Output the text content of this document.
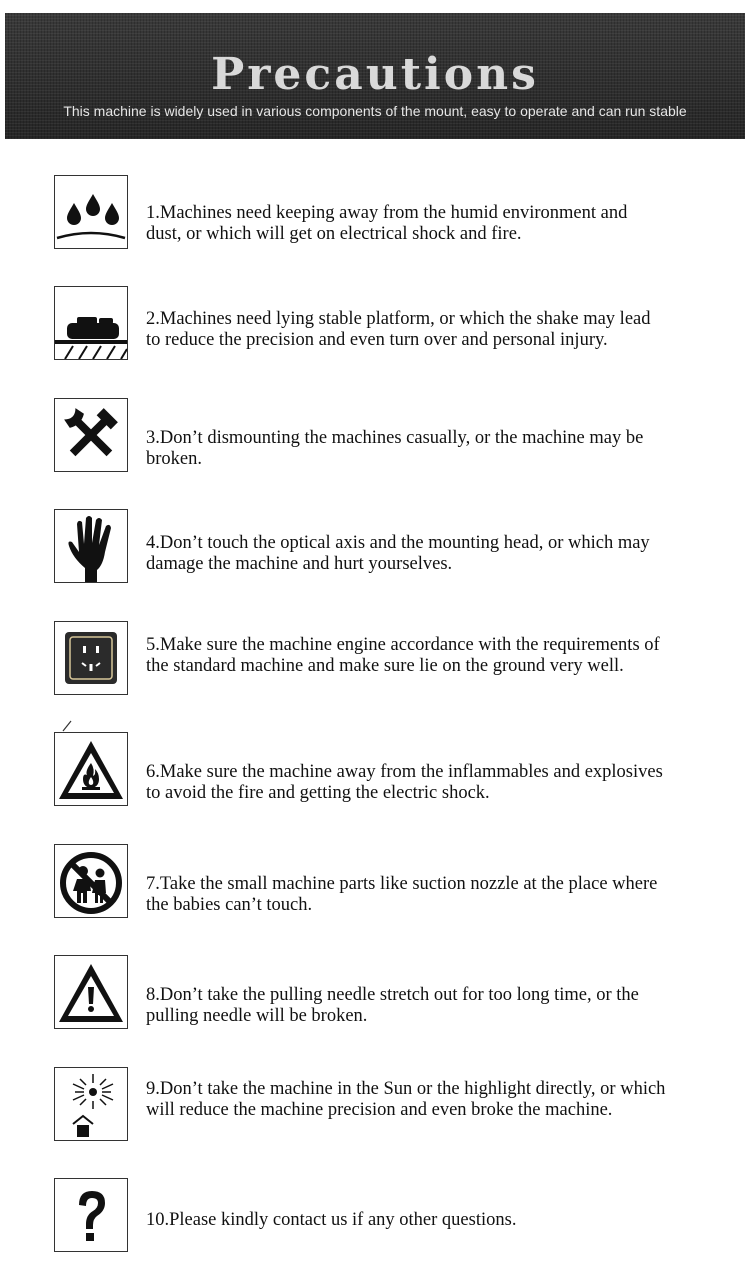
Precautions
This machine is widely used in various components of the mount, easy to operate and can run stable
1.Machines need keeping away from the humid environment and dust, or which will get on electrical shock and fire.
2.Machines need lying stable platform, or which the shake may lead to reduce the precision and even turn over and personal injury.
3.Don’t dismounting the machines casually, or the machine may be broken.
4.Don’t touch the optical axis and the mounting head, or which may damage the machine and hurt yourselves.
5.Make sure the machine engine accordance with the requirements of the standard machine and make sure lie on the ground very well.
6.Make sure the machine away from the inflammables and explosives to avoid the fire and getting the electric shock.
7.Take the small machine parts like suction nozzle at the place where the babies can’t touch.
8.Don’t take the pulling needle stretch out for too long time, or the pulling needle will be broken.
9.Don’t take the machine in the Sun or the highlight directly, or which will reduce the machine precision and even broke the machine.
10.Please kindly contact us if any other questions.
